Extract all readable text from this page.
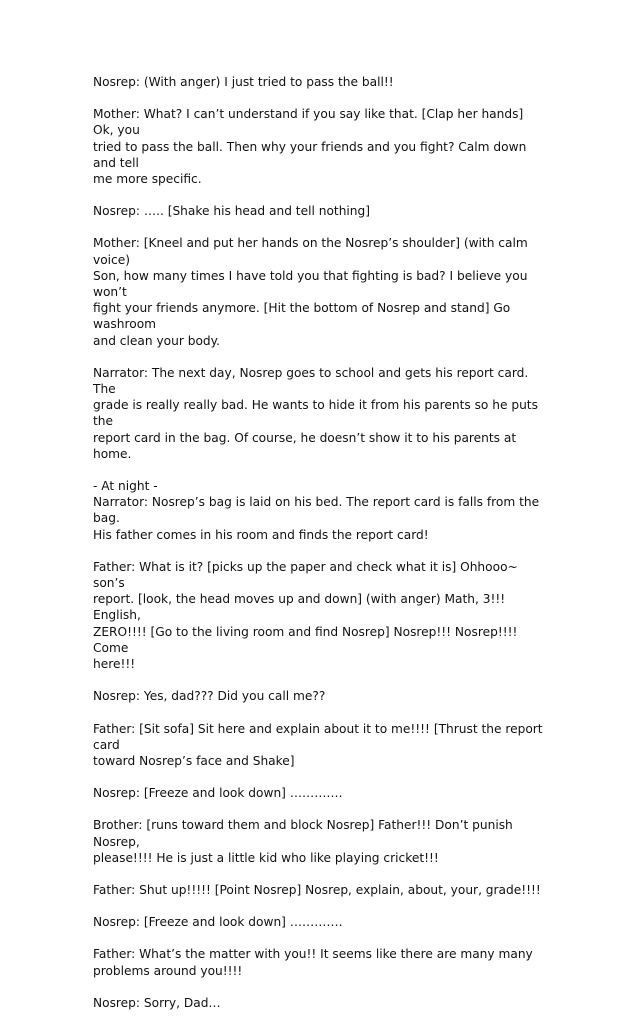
Nosrep: (With anger) I just tried to pass the ball!!

Mother: What? I can’t understand if you say like that. [Clap her hands] Ok, you
tried to pass the ball. Then why your friends and you fight? Calm down and tell
me more specific.

Nosrep: ….. [Shake his head and tell nothing]

Mother: [Kneel and put her hands on the Nosrep’s shoulder] (with calm voice)
Son, how many times I have told you that fighting is bad? I believe you won’t
fight your friends anymore. [Hit the bottom of Nosrep and stand] Go washroom
and clean your body.

Narrator: The next day, Nosrep goes to school and gets his report card. The
grade is really really bad. He wants to hide it from his parents so he puts the
report card in the bag. Of course, he doesn’t show it to his parents at home.

- At night -

Narrator: Nosrep’s bag is laid on his bed. The report card is falls from the bag.
His father comes in his room and finds the report card!

Father: What is it? [picks up the paper and check what it is] Ohhooo~ son’s
report. [look, the head moves up and down] (with anger) Math, 3!!! English,
ZERO!!!! [Go to the living room and find Nosrep] Nosrep!!! Nosrep!!!! Come
here!!!

Nosrep: Yes, dad??? Did you call me??

Father: [Sit sofa] Sit here and explain about it to me!!!! [Thrust the report card
toward Nosrep’s face and Shake]

Nosrep: [Freeze and look down] ………….

Brother: [runs toward them and block Nosrep] Father!!! Don’t punish Nosrep,
please!!!! He is just a little kid who like playing cricket!!!

Father: Shut up!!!!! [Point Nosrep] Nosrep, explain, about, your, grade!!!!

Nosrep: [Freeze and look down] ………….

Father: What’s the matter with you!! It seems like there are many many
problems around you!!!!

Nosrep: Sorry, Dad…
